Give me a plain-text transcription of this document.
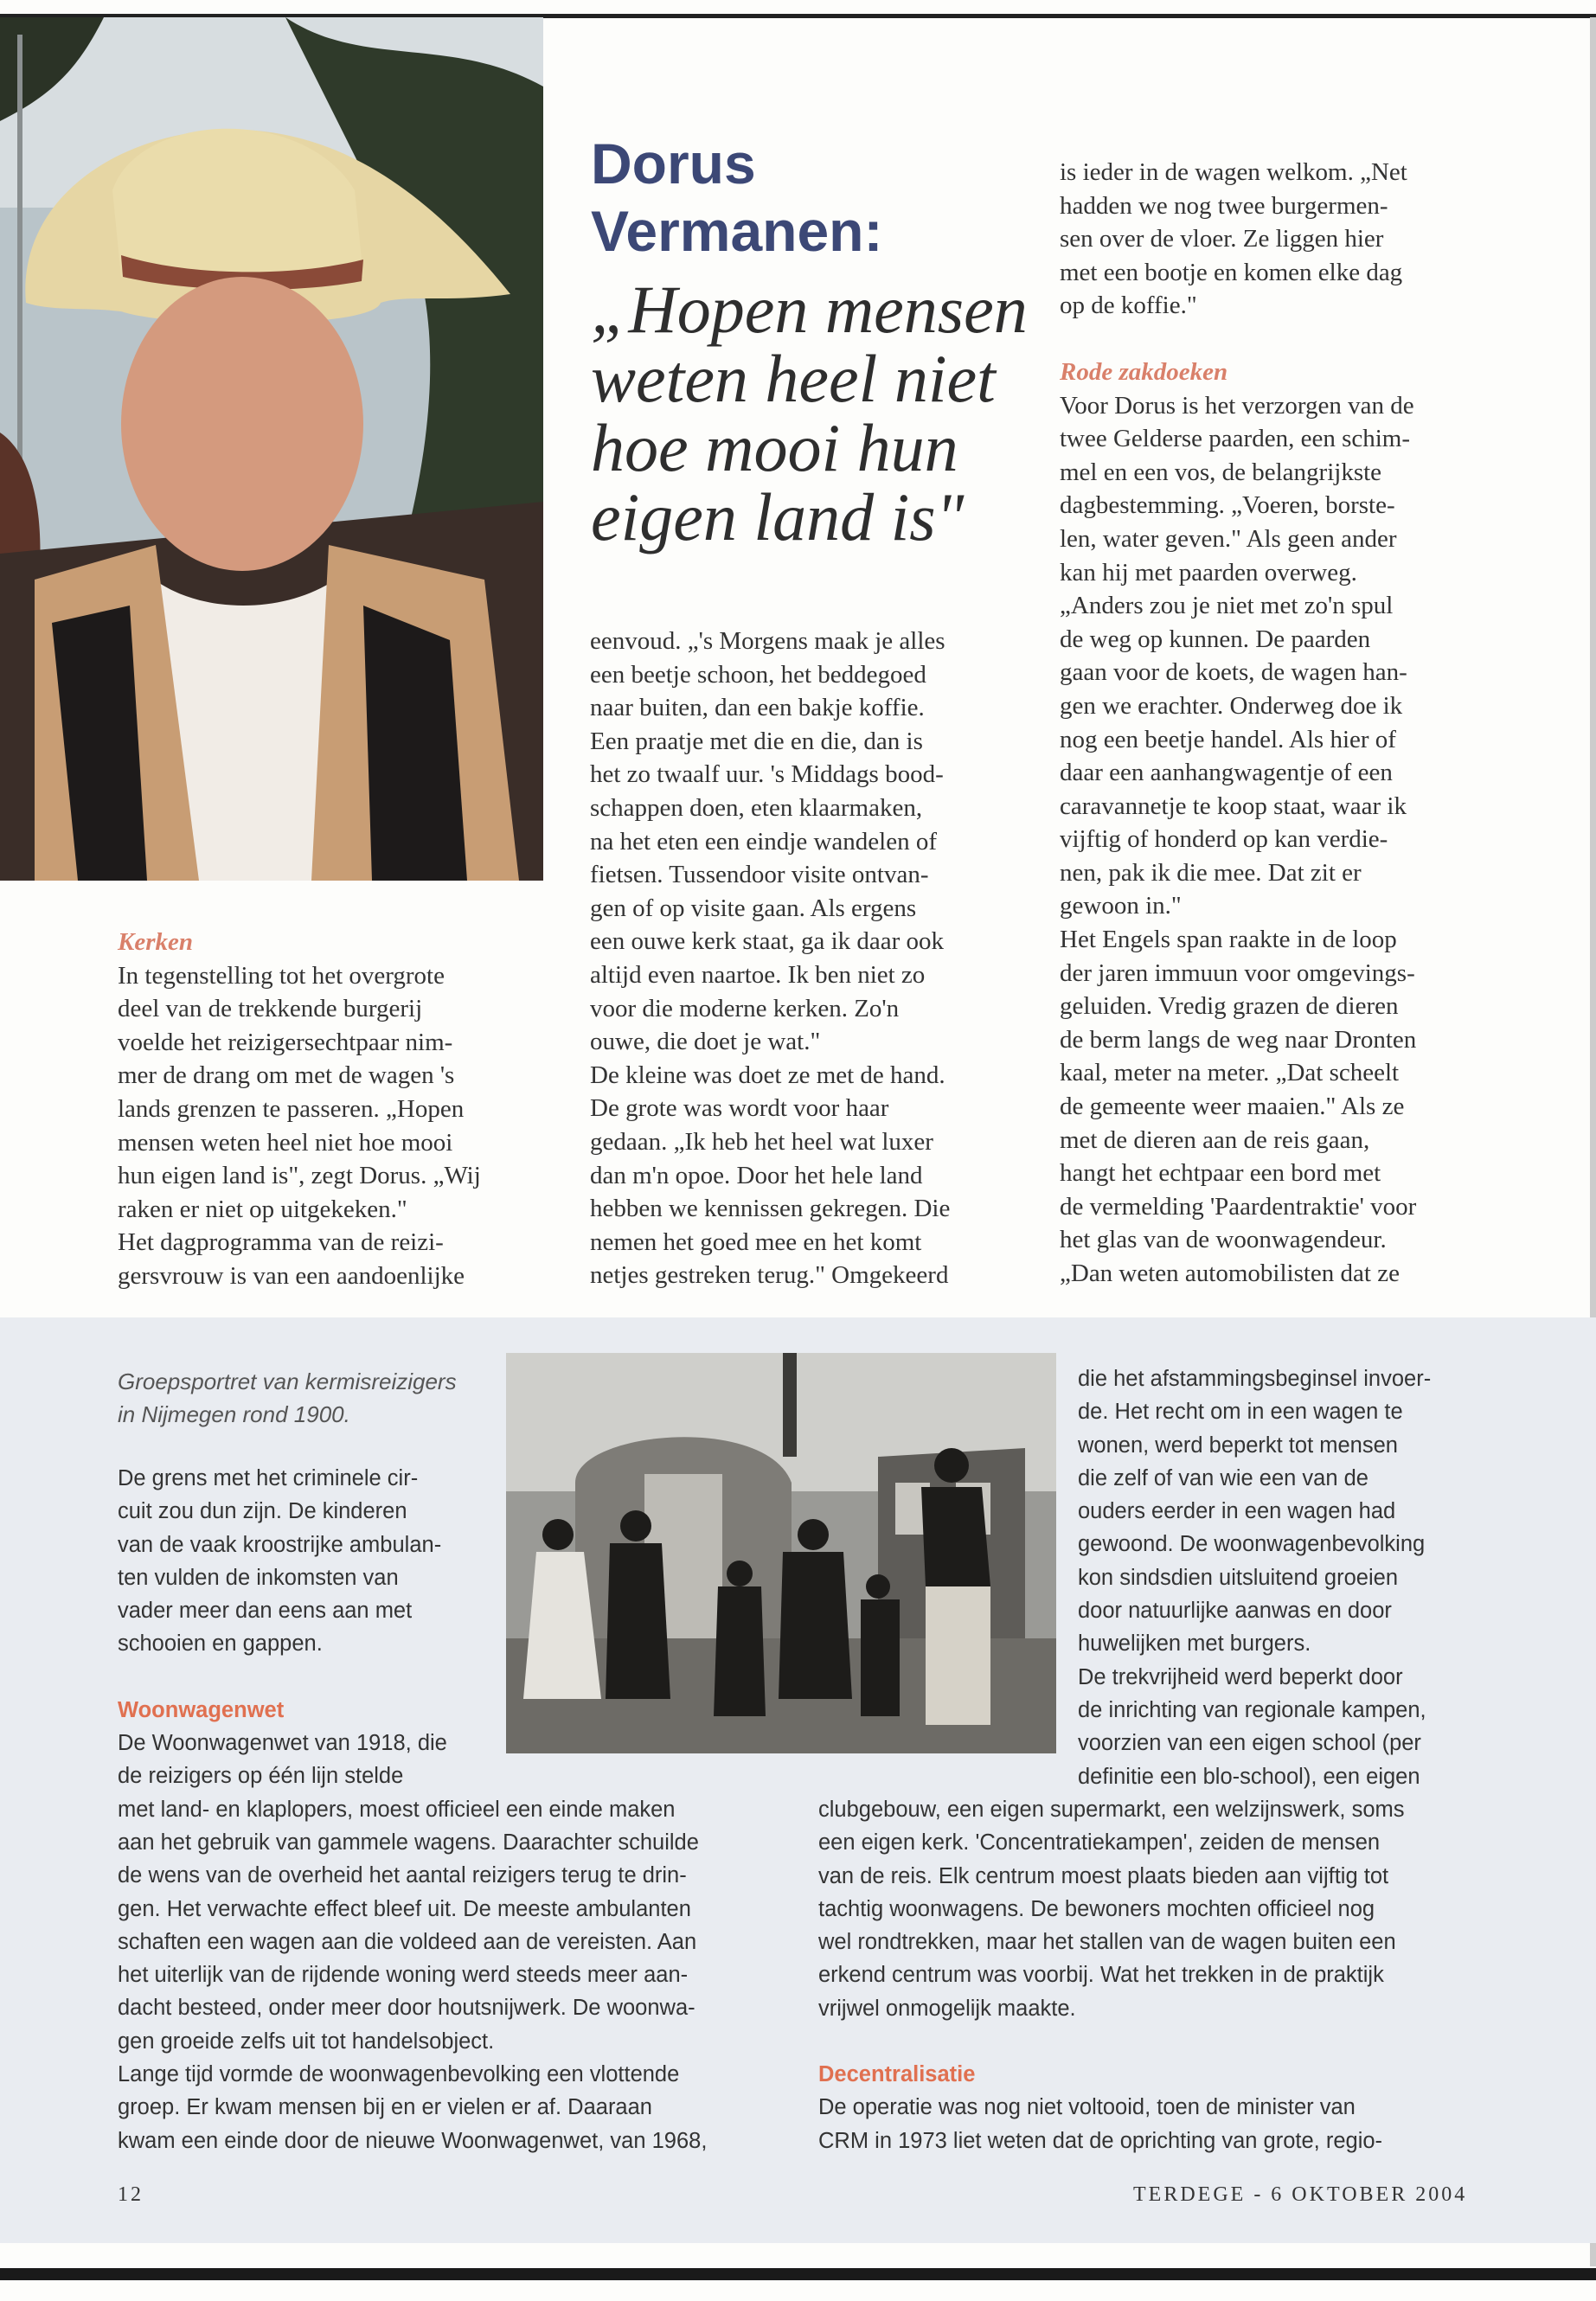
Dorus
Vermanen:
„Hopen mensen
weten heel niet
hoe mooi hun
eigen land is"
Kerken
In tegenstelling tot het overgrote
deel van de trekkende burgerij
voelde het reizigersechtpaar nim-
mer de drang om met de wagen 's
lands grenzen te passeren. „Hopen
mensen weten heel niet hoe mooi
hun eigen land is", zegt Dorus. „Wij
raken er niet op uitgekeken."
Het dagprogramma van de reizi-
gersvrouw is van een aandoenlijke
eenvoud. „'s Morgens maak je alles
een beetje schoon, het beddegoed
naar buiten, dan een bakje koffie.
Een praatje met die en die, dan is
het zo twaalf uur. 's Middags bood-
schappen doen, eten klaarmaken,
na het eten een eindje wandelen of
fietsen. Tussendoor visite ontvan-
gen of op visite gaan. Als ergens
een ouwe kerk staat, ga ik daar ook
altijd even naartoe. Ik ben niet zo
voor die moderne kerken. Zo'n
ouwe, die doet je wat."
De kleine was doet ze met de hand.
De grote was wordt voor haar
gedaan. „Ik heb het heel wat luxer
dan m'n opoe. Door het hele land
hebben we kennissen gekregen. Die
nemen het goed mee en het komt
netjes gestreken terug." Omgekeerd
is ieder in de wagen welkom. „Net
hadden we nog twee burgermen-
sen over de vloer. Ze liggen hier
met een bootje en komen elke dag
op de koffie."
Rode zakdoeken
Voor Dorus is het verzorgen van de
twee Gelderse paarden, een schim-
mel en een vos, de belangrijkste
dagbestemming. „Voeren, borste-
len, water geven." Als geen ander
kan hij met paarden overweg.
„Anders zou je niet met zo'n spul
de weg op kunnen. De paarden
gaan voor de koets, de wagen han-
gen we erachter. Onderweg doe ik
nog een beetje handel. Als hier of
daar een aanhangwagentje of een
caravannetje te koop staat, waar ik
vijftig of honderd op kan verdie-
nen, pak ik die mee. Dat zit er
gewoon in."
Het Engels span raakte in de loop
der jaren immuun voor omgevings-
geluiden. Vredig grazen de dieren
de berm langs de weg naar Dronten
kaal, meter na meter. „Dat scheelt
de gemeente weer maaien." Als ze
met de dieren aan de reis gaan,
hangt het echtpaar een bord met
de vermelding 'Paardentraktie' voor
het glas van de woonwagendeur.
„Dan weten automobilisten dat ze
Groepsportret van kermisreizigers
in Nijmegen rond 1900.
De grens met het criminele cir-
cuit zou dun zijn. De kinderen
van de vaak kroostrijke ambulan-
ten vulden de inkomsten van
vader meer dan eens aan met
schooien en gappen.
Woonwagenwet
De Woonwagenwet van 1918, die
de reizigers op één lijn stelde
met land- en klaplopers, moest officieel een einde maken
aan het gebruik van gammele wagens. Daarachter schuilde
de wens van de overheid het aantal reizigers terug te drin-
gen. Het verwachte effect bleef uit. De meeste ambulanten
schaften een wagen aan die voldeed aan de vereisten. Aan
het uiterlijk van de rijdende woning werd steeds meer aan-
dacht besteed, onder meer door houtsnijwerk. De woonwa-
gen groeide zelfs uit tot handelsobject.
Lange tijd vormde de woonwagenbevolking een vlottende
groep. Er kwam mensen bij en er vielen er af. Daaraan
kwam een einde door de nieuwe Woonwagenwet, van 1968,
die het afstammingsbeginsel invoer-
de. Het recht om in een wagen te
wonen, werd beperkt tot mensen
die zelf of van wie een van de
ouders eerder in een wagen had
gewoond. De woonwagenbevolking
kon sindsdien uitsluitend groeien
door natuurlijke aanwas en door
huwelijken met burgers.
De trekvrijheid werd beperkt door
de inrichting van regionale kampen,
voorzien van een eigen school (per
definitie een blo-school), een eigen
clubgebouw, een eigen supermarkt, een welzijnswerk, soms
een eigen kerk. 'Concentratiekampen', zeiden de mensen
van de reis. Elk centrum moest plaats bieden aan vijftig tot
tachtig woonwagens. De bewoners mochten officieel nog
wel rondtrekken, maar het stallen van de wagen buiten een
erkend centrum was voorbij. Wat het trekken in de praktijk
vrijwel onmogelijk maakte.
Decentralisatie
De operatie was nog niet voltooid, toen de minister van
CRM in 1973 liet weten dat de oprichting van grote, regio-
12	TERDEGE - 6 OKTOBER 2004
